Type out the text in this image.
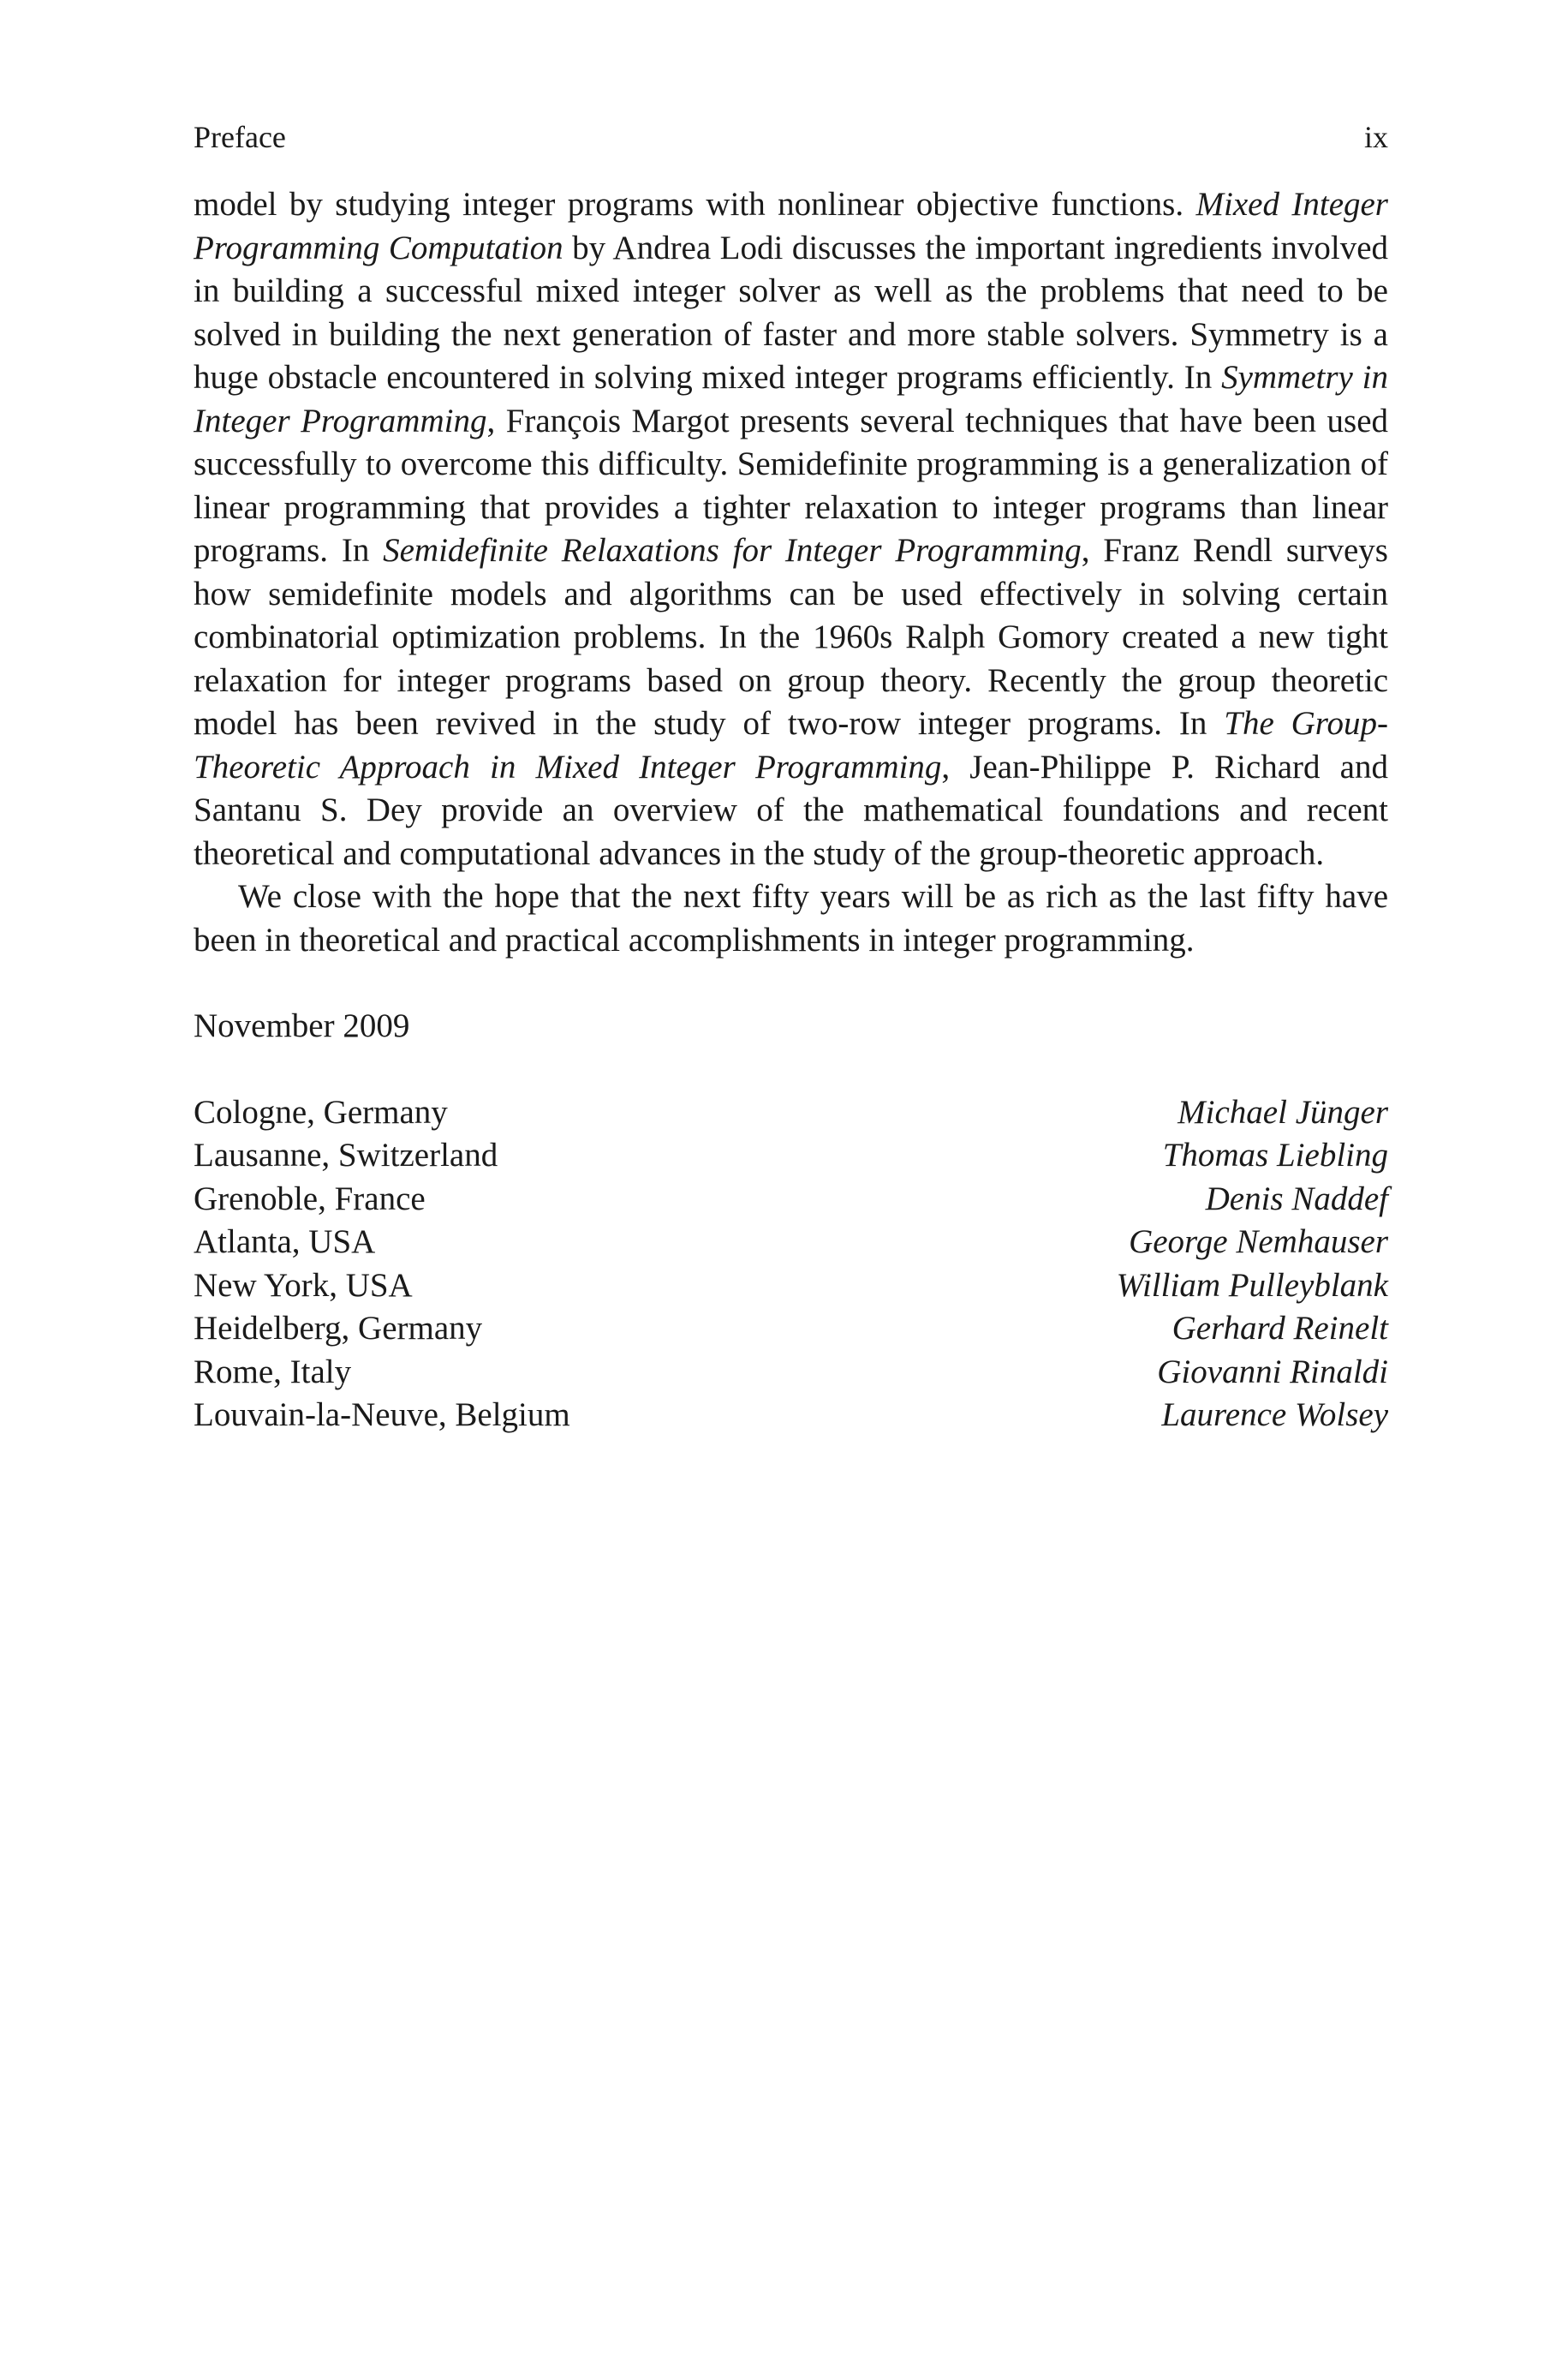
Preface	ix

model by studying integer programs with nonlinear objective functions. Mixed Integer Programming Computation by Andrea Lodi discusses the important ingredients involved in building a successful mixed integer solver as well as the problems that need to be solved in building the next generation of faster and more stable solvers. Symmetry is a huge obstacle encountered in solving mixed integer programs efficiently. In Symmetry in Integer Programming, François Margot presents several techniques that have been used successfully to overcome this difficulty. Semidefinite programming is a generalization of linear programming that provides a tighter relaxation to integer programs than linear programs. In Semidefinite Relaxations for Integer Programming, Franz Rendl surveys how semidefinite models and algorithms can be used effectively in solving certain combinatorial optimization problems. In the 1960s Ralph Gomory created a new tight relaxation for integer programs based on group theory. Recently the group theoretic model has been revived in the study of two-row integer programs. In The Group-Theoretic Approach in Mixed Integer Programming, Jean-Philippe P. Richard and Santanu S. Dey provide an overview of the mathematical foundations and recent theoretical and computational advances in the study of the group-theoretic approach.

We close with the hope that the next fifty years will be as rich as the last fifty have been in theoretical and practical accomplishments in integer programming.

November 2009
Cologne, Germany	Michael Jünger
Lausanne, Switzerland	Thomas Liebling
Grenoble, France	Denis Naddef
Atlanta, USA	George Nemhauser
New York, USA	William Pulleyblank
Heidelberg, Germany	Gerhard Reinelt
Rome, Italy	Giovanni Rinaldi
Louvain-la-Neuve, Belgium	Laurence Wolsey
